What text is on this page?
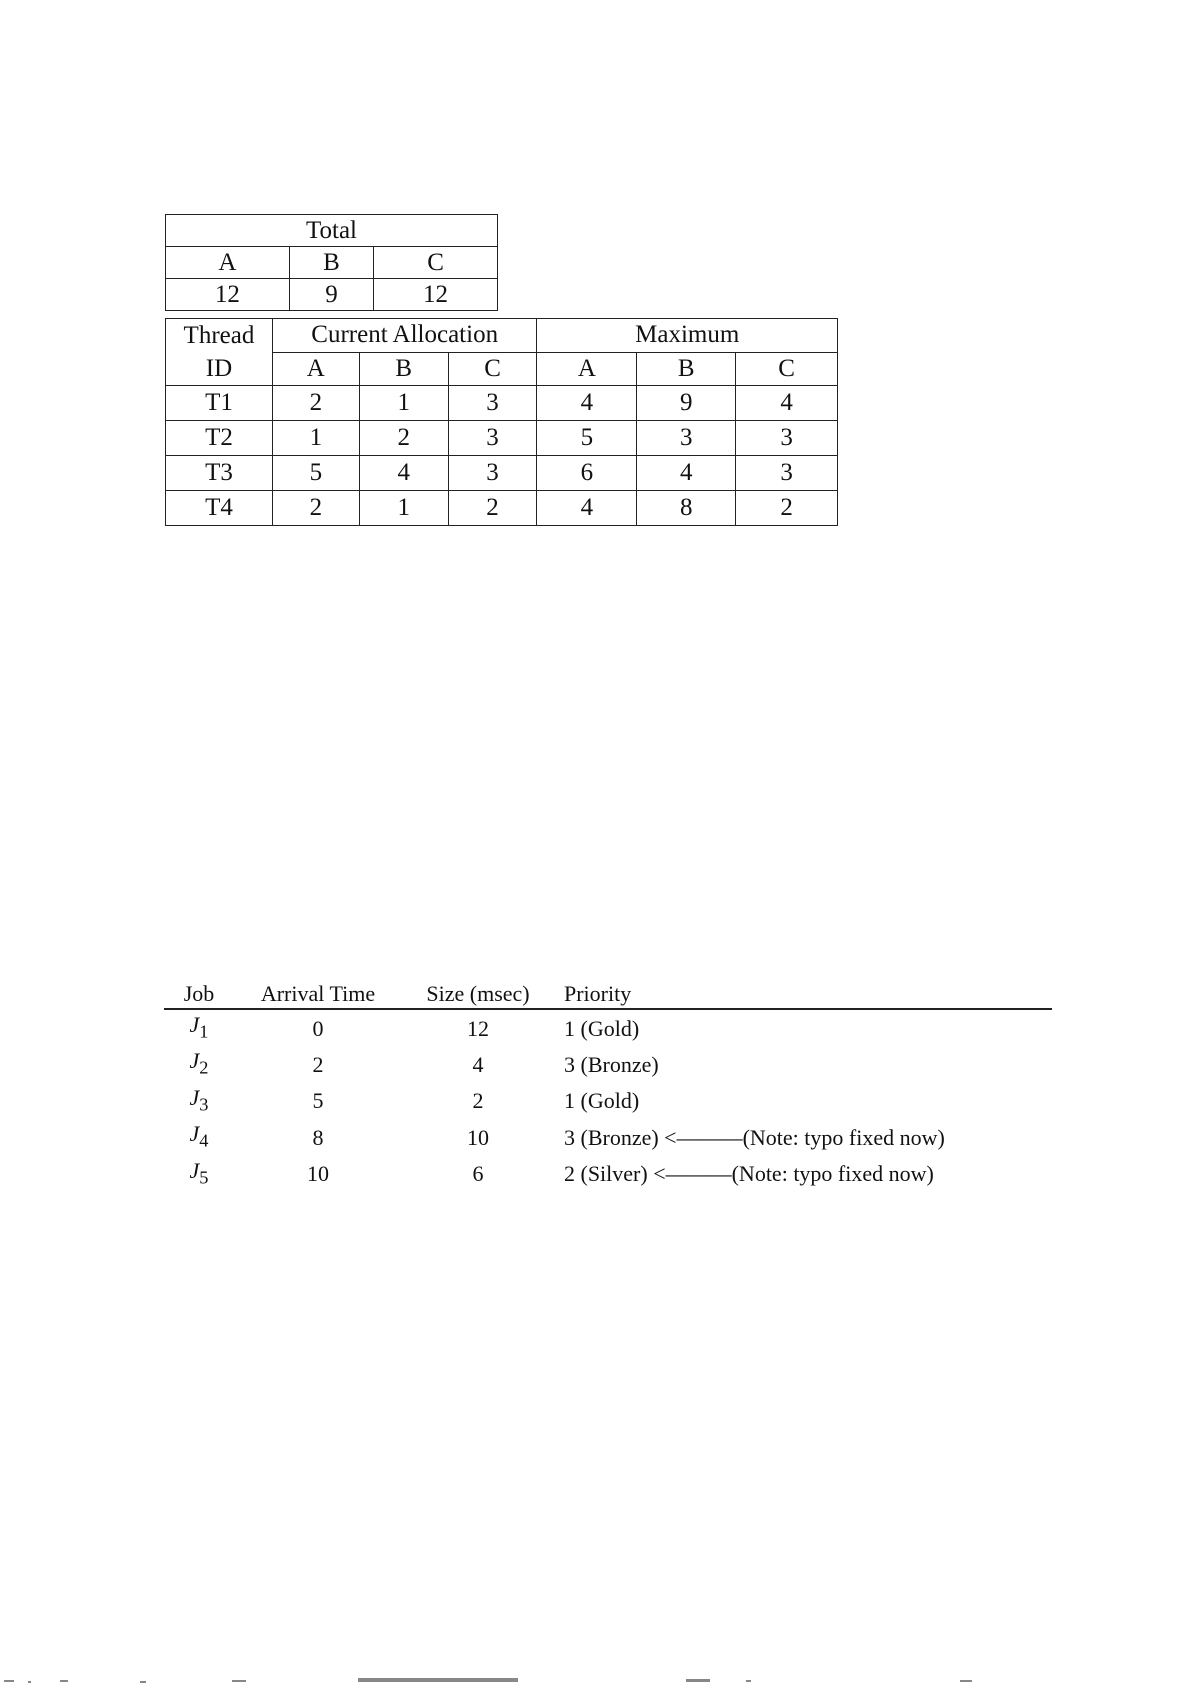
Total		
A	B	C
12	9	12
Thread
ID	Current Allocation			Maximum		
	A	B	C	A	B	C
T1	2	1	3	4	9	4
T2	1	2	3	5	3	3
T3	5	4	3	6	4	3
T4	2	1	2	4	8	2
Job	Arrival Time	Size (msec)	Priority
$J_1$	0	12	1 (Gold)
$J_2$	2	4	3 (Bronze)
$J_3$	5	2	1 (Gold)
$J_4$	8	10	3 (Bronze) <———(Note: typo fixed now)
$J_5$	10	6	2 (Silver) <———(Note: typo fixed now)
